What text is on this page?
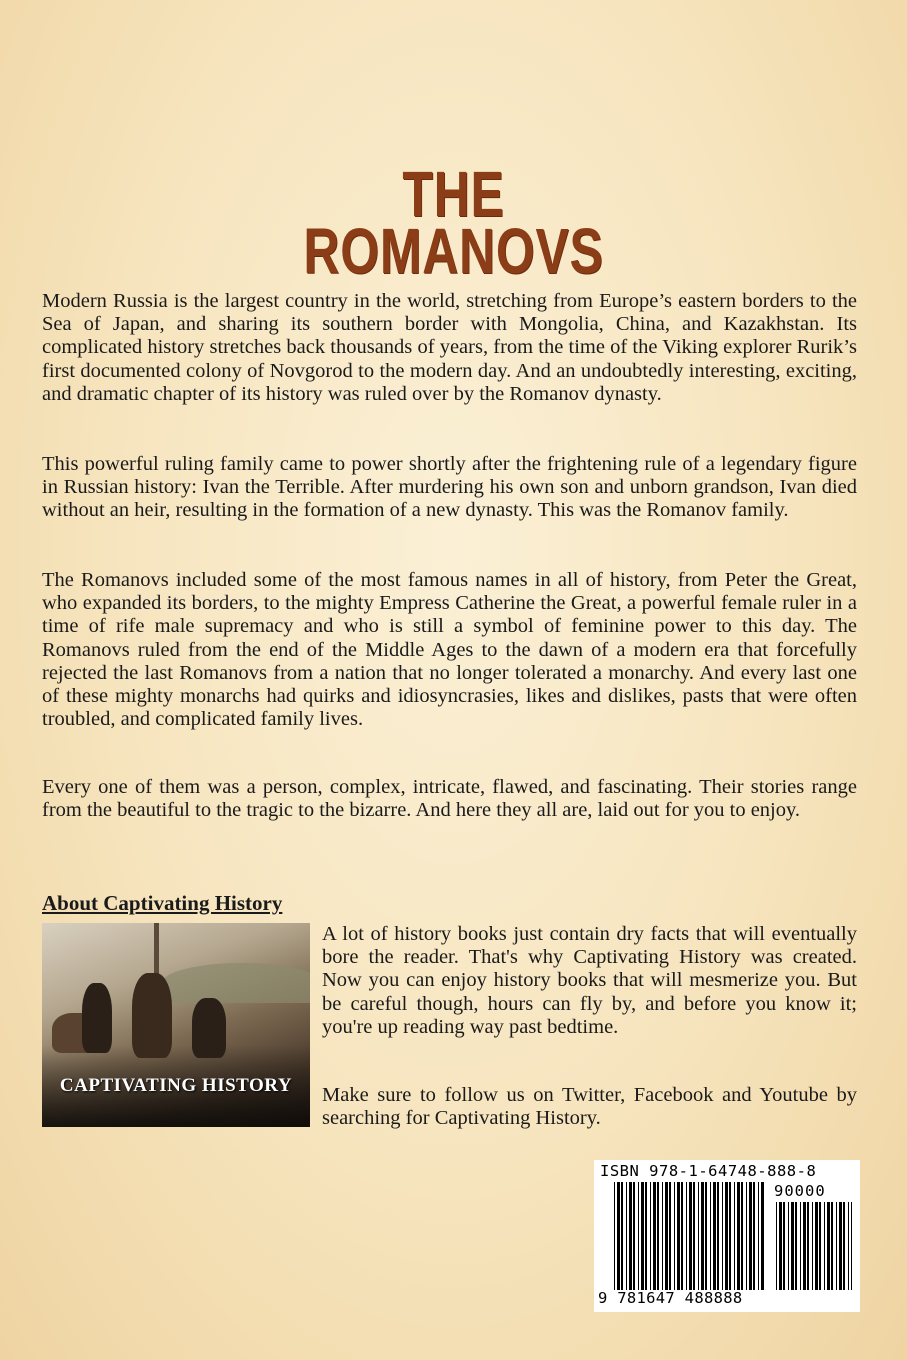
THE
ROMANOVS

Modern Russia is the largest country in the world, stretching from Europe’s eastern borders to the Sea of Japan, and sharing its southern border with Mongolia, China, and Kazakhstan. Its complicated history stretches back thousands of years, from the time of the Viking explorer Rurik’s first documented colony of Novgorod to the modern day. And an undoubtedly interesting, exciting, and dramatic chapter of its history was ruled over by the Romanov dynasty.

This powerful ruling family came to power shortly after the frightening rule of a legendary figure in Russian history: Ivan the Terrible. After murdering his own son and unborn grandson, Ivan died without an heir, resulting in the formation of a new dynasty. This was the Romanov family.

The Romanovs included some of the most famous names in all of history, from Peter the Great, who expanded its borders, to the mighty Empress Catherine the Great, a powerful female ruler in a time of rife male supremacy and who is still a symbol of feminine power to this day. The Romanovs ruled from the end of the Middle Ages to the dawn of a modern era that forcefully rejected the last Romanovs from a nation that no longer tolerated a monarchy. And every last one of these mighty monarchs had quirks and idiosyncrasies, likes and dislikes, pasts that were often troubled, and complicated family lives.

Every one of them was a person, complex, intricate, flawed, and fascinating. Their stories range from the beautiful to the tragic to the bizarre. And here they all are, laid out for you to enjoy.

About Captivating History
CAPTIVATING HISTORY

A lot of history books just contain dry facts that will eventually bore the reader. That's why Captivating History was created. Now you can enjoy history books that will mesmerize you. But be careful though, hours can fly by, and before you know it; you're up reading way past bedtime.

Make sure to follow us on Twitter, Facebook and Youtube by searching for Captivating History.

ISBN 978-1-64748-888-8
90000
9 781647 488888
